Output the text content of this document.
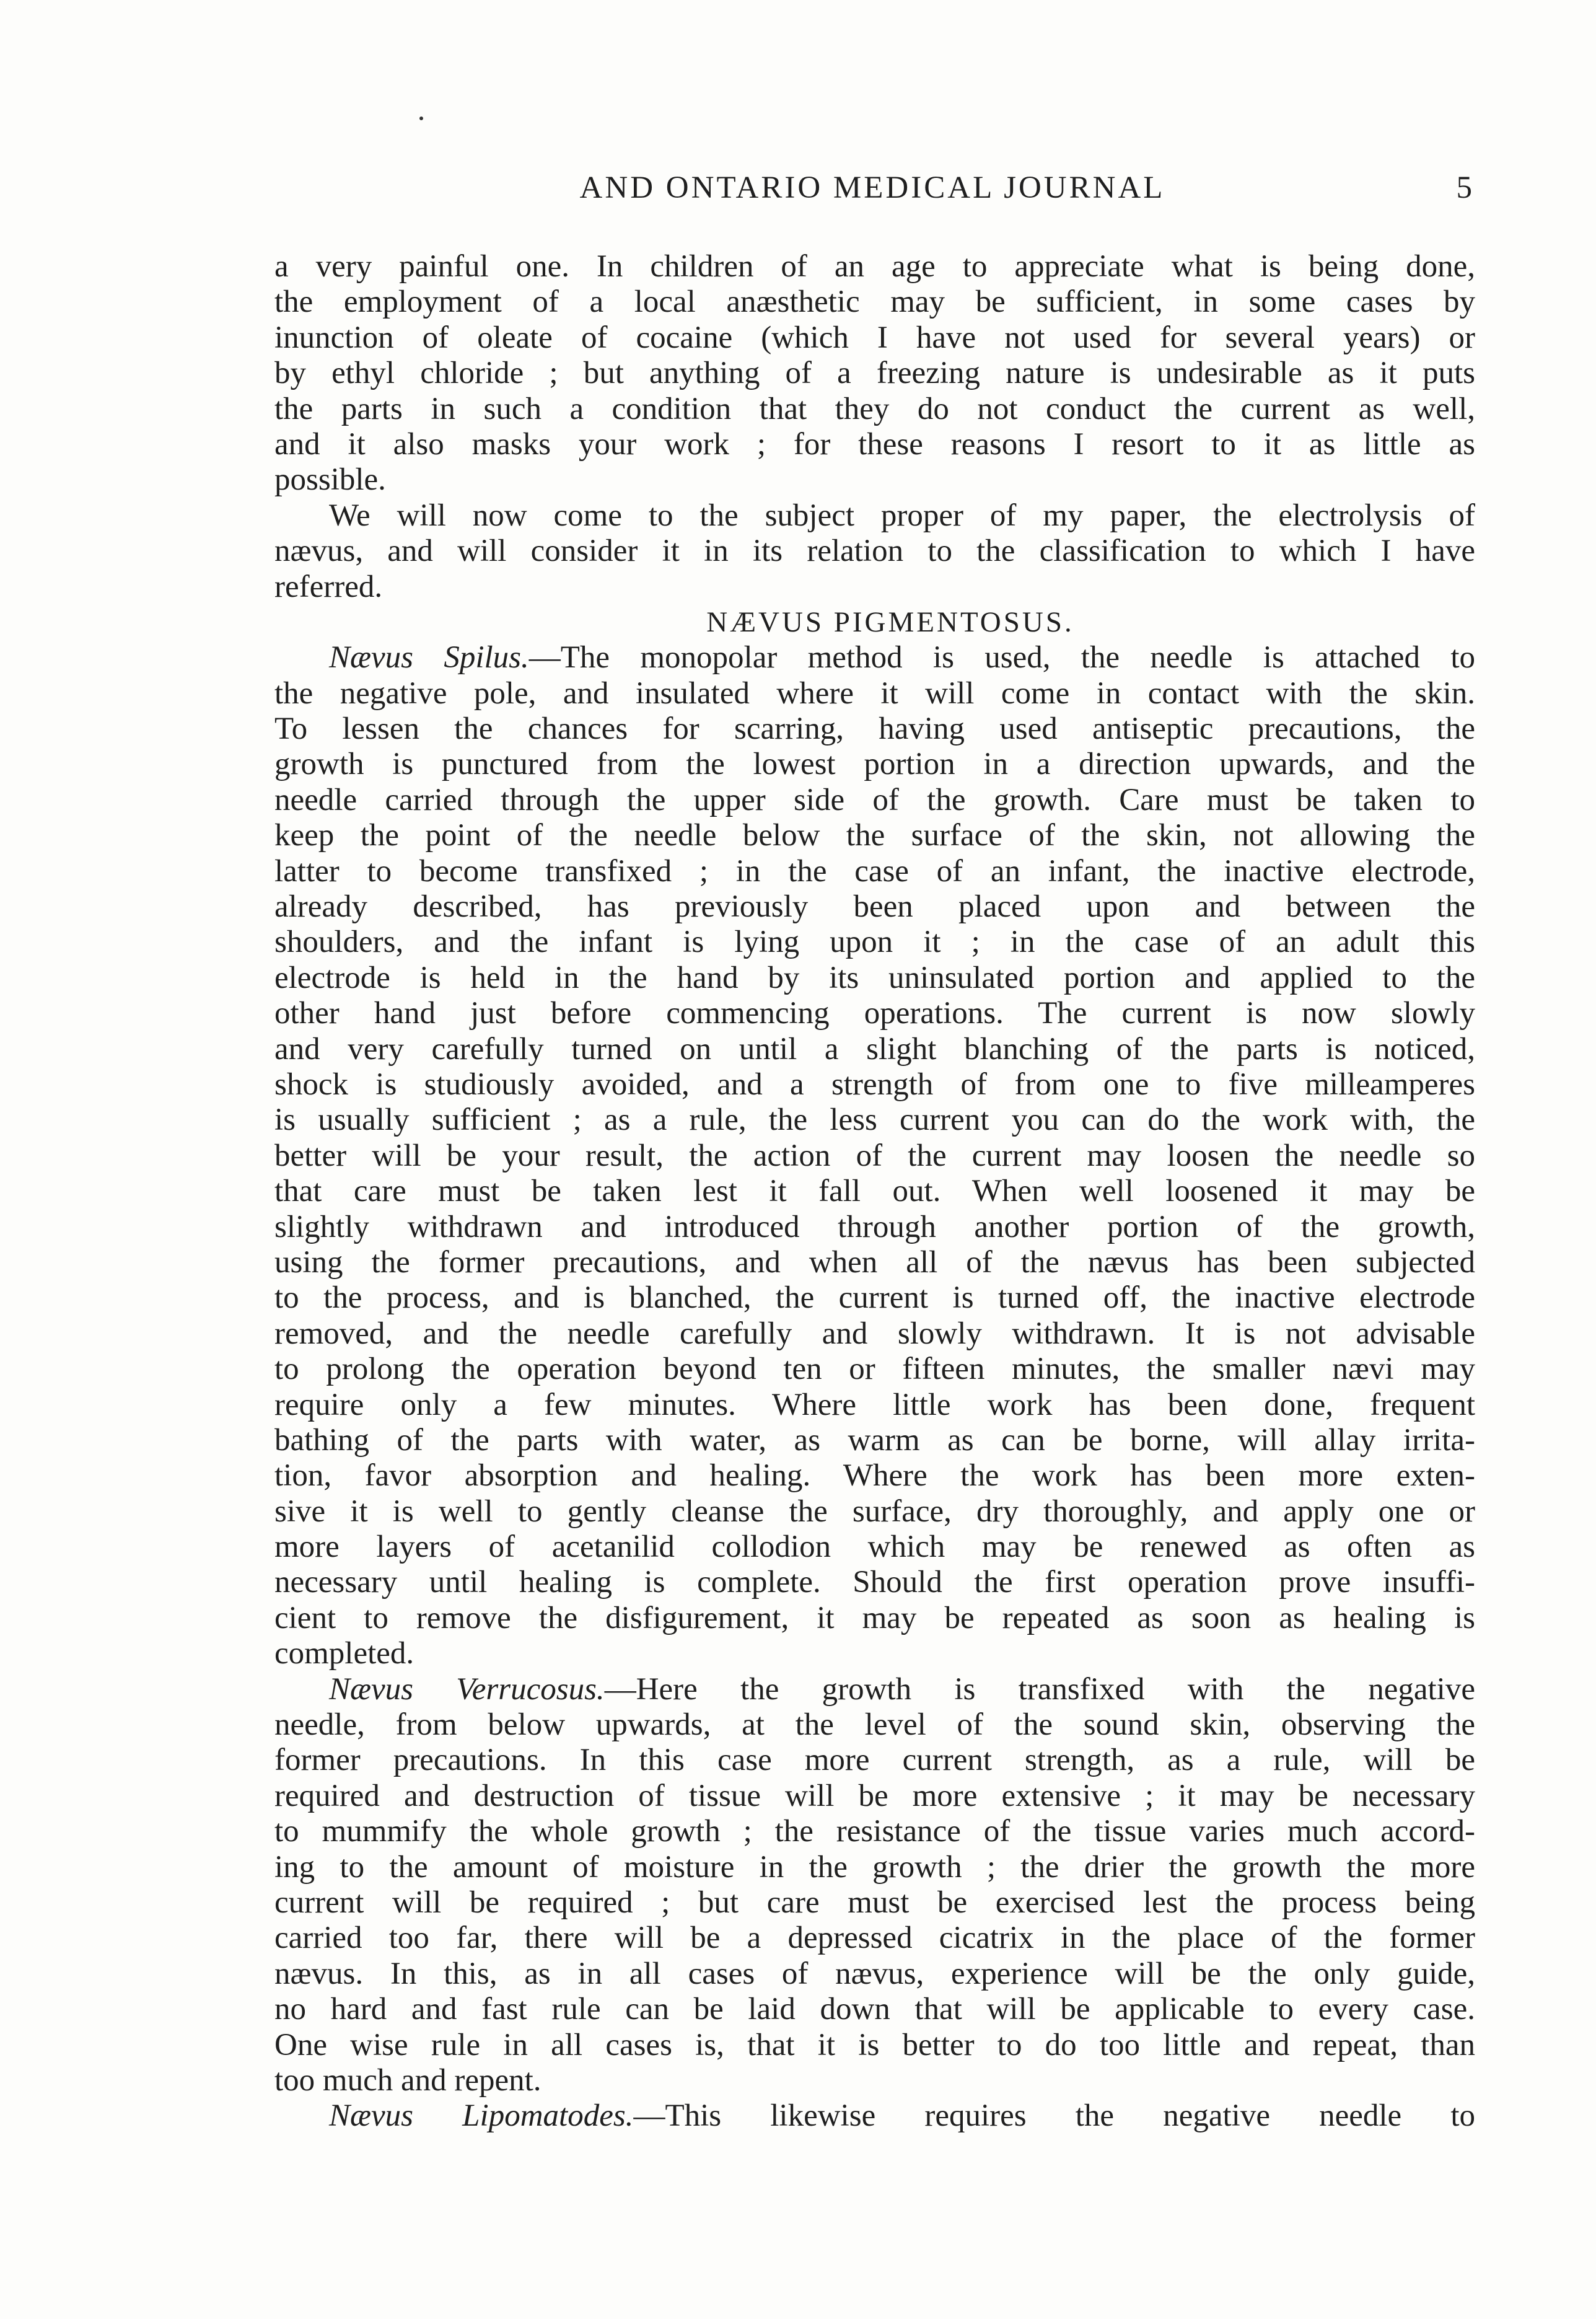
AND ONTARIO MEDICAL JOURNAL	5
a very painful one. In children of an age to appreciate what is being done,
the employment of a local anæsthetic may be sufficient, in some cases by
inunction of oleate of cocaine (which I have not used for several years) or
by ethyl chloride ; but anything of a freezing nature is undesirable as it puts
the parts in such a condition that they do not conduct the current as well,
and it also masks your work ; for these reasons I resort to it as little as
possible.
We will now come to the subject proper of my paper, the electrolysis of
nævus, and will consider it in its relation to the classification to which I have
referred.
NÆVUS PIGMENTOSUS.
Nævus Spilus.—The monopolar method is used, the needle is attached to
the negative pole, and insulated where it will come in contact with the skin.
To lessen the chances for scarring, having used antiseptic precautions, the
growth is punctured from the lowest portion in a direction upwards, and the
needle carried through the upper side of the growth. Care must be taken to
keep the point of the needle below the surface of the skin, not allowing the
latter to become transfixed ; in the case of an infant, the inactive electrode,
already described, has previously been placed upon and between the
shoulders, and the infant is lying upon it ; in the case of an adult this
electrode is held in the hand by its uninsulated portion and applied to the
other hand just before commencing operations. The current is now slowly
and very carefully turned on until a slight blanching of the parts is noticed,
shock is studiously avoided, and a strength of from one to five milleamperes
is usually sufficient ; as a rule, the less current you can do the work with, the
better will be your result, the action of the current may loosen the needle so
that care must be taken lest it fall out. When well loosened it may be
slightly withdrawn and introduced through another portion of the growth,
using the former precautions, and when all of the nævus has been subjected
to the process, and is blanched, the current is turned off, the inactive electrode
removed, and the needle carefully and slowly withdrawn. It is not advisable
to prolong the operation beyond ten or fifteen minutes, the smaller nævi may
require only a few minutes. Where little work has been done, frequent
bathing of the parts with water, as warm as can be borne, will allay irrita-
tion, favor absorption and healing. Where the work has been more exten-
sive it is well to gently cleanse the surface, dry thoroughly, and apply one or
more layers of acetanilid collodion which may be renewed as often as
necessary until healing is complete. Should the first operation prove insuffi-
cient to remove the disfigurement, it may be repeated as soon as healing is
completed.
Nævus Verrucosus.—Here the growth is transfixed with the negative
needle, from below upwards, at the level of the sound skin, observing the
former precautions. In this case more current strength, as a rule, will be
required and destruction of tissue will be more extensive ; it may be necessary
to mummify the whole growth ; the resistance of the tissue varies much accord-
ing to the amount of moisture in the growth ; the drier the growth the more
current will be required ; but care must be exercised lest the process being
carried too far, there will be a depressed cicatrix in the place of the former
nævus. In this, as in all cases of nævus, experience will be the only guide,
no hard and fast rule can be laid down that will be applicable to every case.
One wise rule in all cases is, that it is better to do too little and repeat, than
too much and repent.
Nævus Lipomatodes.—This likewise requires the negative needle to
